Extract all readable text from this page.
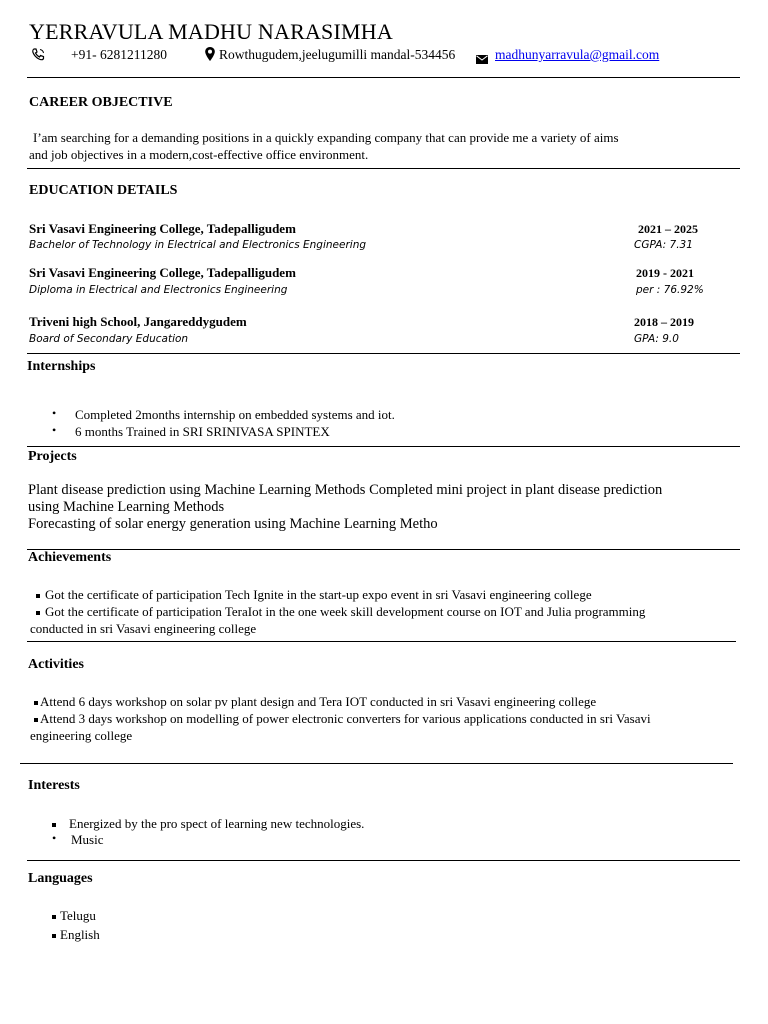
YERRAVULA MADHU NARASIMHA
+91- 6281211280	Rowthugudem,jeelugumilli mandal-534456	madhunyarravula@gmail.com
CAREER OBJECTIVE
I’am searching for a demanding positions in a quickly expanding company that can provide me a variety of aims
and job objectives in a modern,cost-effective office environment.
EDUCATION DETAILS
Sri Vasavi Engineering College, Tadepalligudem
Bachelor of Technology in Electrical and Electronics Engineering
2021 – 2025
CGPA: 7.31
Sri Vasavi Engineering College, Tadepalligudem
Diploma in Electrical and Electronics Engineering
2019 - 2021
per : 76.92%
Triveni high School, Jangareddygudem
Board of Secondary Education
2018 – 2019
GPA: 9.0
Internships
• Completed 2months internship on embedded systems and iot.
• 6 months Trained in SRI SRINIVASA SPINTEX
Projects
Plant disease prediction using Machine Learning Methods Completed mini project in plant disease prediction
using Machine Learning Methods
Forecasting of solar energy generation using Machine Learning Metho
Achievements
Got the certificate of participation Tech Ignite in the start-up expo event in sri Vasavi engineering college
Got the certificate of participation TeraIot in the one week skill development course on IOT and Julia programming
conducted in sri Vasavi engineering college
Activities
Attend 6 days workshop on solar pv plant design and Tera IOT conducted in sri Vasavi engineering college
Attend 3 days workshop on modelling of power electronic converters for various applications conducted in sri Vasavi
engineering college
Interests
Energized by the pro spect of learning new technologies.
• Music
Languages
Telugu
English
